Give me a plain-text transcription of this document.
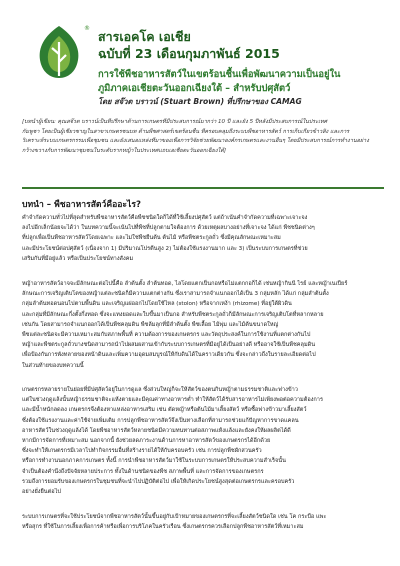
®
สารเอคโค เอเชีย
ฉบับที่ 23 เดือนกุมภาพันธ์ 2015
การใช้พืชอาหารสัตว์ในเขตร้อนชื้นเพื่อพัฒนาความเป็นอยู่ใน
ภูมิภาคเอเชียตะวันออกเฉียงใต้ – สำหรับปศุสัตว์
โดย สจ๊วต บราวน์ (Stuart Brown) ที่ปรึกษาของ CAMAG
[บทนำผู้เขียน: คุณสจ๊วต บราวน์เป็นที่ปรึกษาด้านการเกษตรที่มีประสบการณ์มากว่า 10 ปี และยัง 5 ปีหลังมีประสบการณ์ในประเทศ
กัมพูชา โดยเป็นผู้เชี่ยวชาญในสาขาเกษตรชนบท ด้านพืชศาสตร์เขตร้อนชื้น ที่ครอบคลุมถึงระบบพืชอาหารสัตว์ การเก็บเกี่ยวข้าวสิ่ง และการ
วิเคราะห์ระบบเกษตรกรรมเพื่อชุมชน และยังเสนอแหล่งที่มาของเพื่อการวิจัยช่วยพัฒนาองค์กรเกษตรและงานอื่นๆ โดยมีประสบการณ์การทำงานอย่าง
กว้างขวางกับการพัฒนาชุมชนในระดับรากหญ้าในประเทศแถบเอเชียตะวันออกเฉียงใต้]
บทนำ – พืชอาหารสัตว์คืออะไร?
คำจำกัดความทั่วไปที่สุดสำหรับพืชอาหารสัตว์คือพืชชนิดใดก็ได้ที่ใช้เลี้ยงปศุสัตว์ แต่ถ้าเน้นคำจำกัดความที่เฉพาะเจาะจง
ลงไปอีกเล็กน้อยจะได้ว่า ในบทความนี้จะเน้นไปที่พืชที่ปลูกตามใจต้องการ ด้วยเหตุผลบางอย่างที่เจาะจง ได้แก่ พืชชนิดต่างๆ
ที่ปลูกเพื่อเป็นพืชอาหารสัตว์โดยเฉพาะ และไม่ใช่พืชยืนต้น ต้นไม้ หรือพืชตระกูลถั่ว ซึ่งมีคุณลักษณะเหมาะสม
และมีประโยชน์ต่อปศุสัตว์ (เนื่องจาก 1) มีปริมาณโปรตีนสูง 2) ไม่ต้องใช้แรงงานมาก และ 3) เป็นระบบการเกษตรที่ช่วย
เสริมกันที่มีอยู่แล้ว หรือเป็นประโยชน์ทางสังคม
หญ้าอาหารสัตว์อาจจะมีลักษณะต่อไปนี้คือ ลำต้นตั้ง ลำต้นทอด, ไลโดยแตกเป็นกอหรือไม่แตกกอก็ได้ เช่นหญ้ากินนี ไรย์ และหญ้าเนเปียร์
ลักษณะการเจริญเติบโตของหญ้าแต่ละชนิดก็มีความแตกต่างกัน ซึ่งเราสามารถจำแนกออกได้เป็น 3 กลุ่มหลัก ได้แก่ กลุ่มลำต้นตั้ง
กลุ่มลำต้นทอดนอนไปตามพื้นดิน และเจริญแผ่ออกไปโดยใช้ไหล (stolon) หรือจากเหง้า (rhizome) ที่อยู่ใต้ผิวดิน
และกลุ่มที่มีลักษณะกึ่งตั้งกึ่งทอด ซึ่งจะแทงยอดและใบขึ้นมาเป็นกอ สำหรับพืชตระกูลถั่วก็มีลักษณะการเจริญเติบโตที่หลากหลาย
เช่นกัน โดยสามารถจำแนกออกได้เป็นพืชคลุมดิน พืชล้มลุกที่มีลำต้นตั้ง พืชเลื้อย ไม้พุ่ม และไม้ต้นขนาดใหญ่
พืชแต่ละชนิดจะมีความเหมาะสมกับสภาพพื้นที่ ความต้องการของเกษตรกร และวัตถุประสงค์ในการใช้งานที่แตกต่างกันไป
หญ้าและพืชตระกูลถั่วบางชนิดสามารถนำไปผสมผสานเข้ากับระบบการเกษตรที่มีอยู่ได้เป็นอย่างดี หรืออาจใช้เป็นพืชคลุมดิน
เพื่อป้องกันการพังทลายของหน้าดินและเพิ่มความอุดมสมบูรณ์ให้กับดินได้ในคราวเดียวกัน ซึ่งจะกล่าวถึงในรายละเอียดต่อไป
ในส่วนท้ายของบทความนี้
เกษตรกรหลายรายในย่อยที่มีปศุสัตว์อยู่ในการดูแล ซึ่งส่วนใหญ่ก็จะให้สัตว์ของตนกินหญ้าตามธรรมชาติและฟางข้าว
แต่ในช่วงฤดูแล้งนั้นหญ้าธรรมชาติจะแห้งตายและมีคุณค่าทางอาหารต่ำ ทำให้สัตว์ได้รับสารอาหารไม่เพียงพอต่อความต้องการ
และมีน้ำหนักลดลง เกษตรกรจึงต้องหาแหล่งอาหารเสริม เช่น ตัดหญ้าหรือต้นไม้มาเลี้ยงสัตว์ หรือซื้อฟางข้าวมาเลี้ยงสัตว์
ซึ่งต้องใช้แรงงานและค่าใช้จ่ายเพิ่มเติม การปลูกพืชอาหารสัตว์จึงเป็นทางเลือกที่สามารถช่วยแก้ปัญหาการขาดแคลน
อาหารสัตว์ในช่วงฤดูแล้งได้ โดยพืชอาหารสัตว์หลายชนิดมีความทนทานต่อสภาพแห้งแล้งและยังคงให้ผลผลิตได้ดี
หากมีการจัดการที่เหมาะสม นอกจากนี้ ยังช่วยลดภาระงานด้านการหาอาหารสัตว์ของเกษตรกรได้อีกด้วย
ซึ่งจะทำให้เกษตรกรมีเวลาไปทำกิจกรรมอื่นที่สร้างรายได้ให้กับครอบครัว เช่น การปลูกพืชผักสวนครัว
หรือการทำงานนอกภาคการเกษตร ทั้งนี้ การนำพืชอาหารสัตว์มาใช้ในระบบการเกษตรให้ประสบความสำเร็จนั้น
จำเป็นต้องคำนึงถึงปัจจัยหลายประการ ทั้งในด้านชนิดของพืช สภาพพื้นที่ และการจัดการของเกษตรกร
รวมถึงการยอมรับของเกษตรกรในชุมชนที่จะนำไปปฏิบัติต่อไป เพื่อให้เกิดประโยชน์สูงสุดต่อเกษตรกรและครอบครัว
อย่างยั่งยืนต่อไป
ระบบการเกษตรที่จะใช้ประโยชน์จากพืชอาหารสัตว์นั้นขึ้นอยู่กับเป้าหมายของเกษตรกรที่จะเลี้ยงสัตว์ชนิดใด เช่น โค กระบือ แพะ
หรือสุกร ที่ใช้ในการเลี้ยงเพื่อการค้าหรือเพื่อการบริโภคในครัวเรือน ซึ่งเกษตรกรควรเลือกปลูกพืชอาหารสัตว์ที่เหมาะสม
